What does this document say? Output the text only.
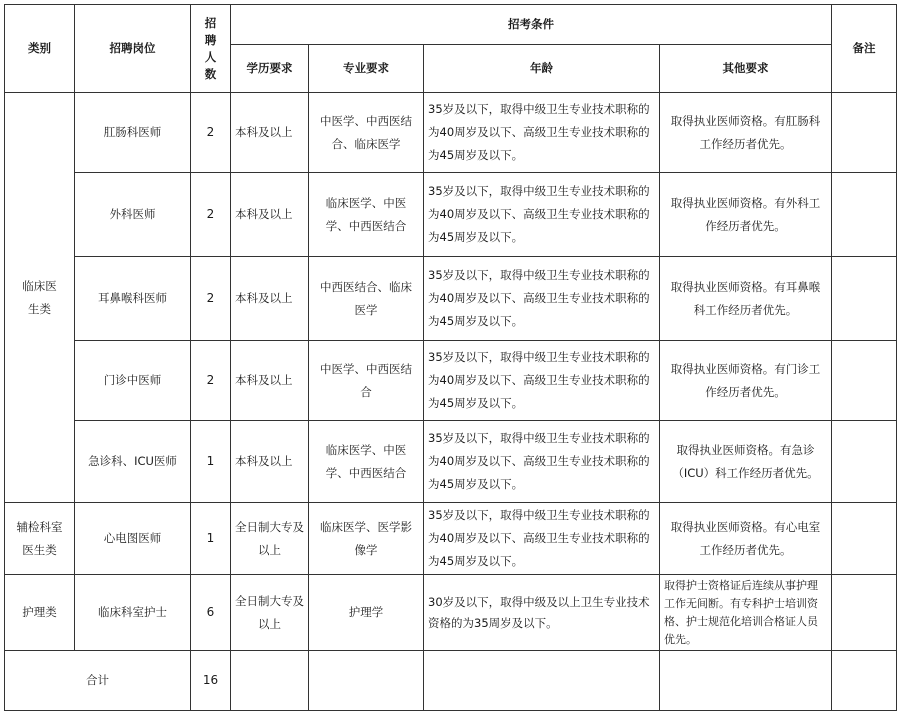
类别	招聘岗位	招聘人数	招考条件				备注
			学历要求	专业要求	年龄	其他要求	
临床医生类	肛肠科医师	2	本科及以上	中医学、中西医结合、临床医学	35岁及以下，取得中级卫生专业技术职称的为40周岁及以下、高级卫生专业技术职称的为45周岁及以下。	取得执业医师资格。有肛肠科工作经历者优先。	
	外科医师	2	本科及以上	临床医学、中医学、中西医结合	35岁及以下，取得中级卫生专业技术职称的为40周岁及以下、高级卫生专业技术职称的为45周岁及以下。	取得执业医师资格。有外科工作经历者优先。	
	耳鼻喉科医师	2	本科及以上	中西医结合、临床医学	35岁及以下，取得中级卫生专业技术职称的为40周岁及以下、高级卫生专业技术职称的为45周岁及以下。	取得执业医师资格。有耳鼻喉科工作经历者优先。	
	门诊中医师	2	本科及以上	中医学、中西医结合	35岁及以下，取得中级卫生专业技术职称的为40周岁及以下、高级卫生专业技术职称的为45周岁及以下。	取得执业医师资格。有门诊工作经历者优先。	
	急诊科、ICU医师	1	本科及以上	临床医学、中医学、中西医结合	35岁及以下，取得中级卫生专业技术职称的为40周岁及以下、高级卫生专业技术职称的为45周岁及以下。	取得执业医师资格。有急诊（ICU）科工作经历者优先。	
辅检科室医生类	心电图医师	1	全日制大专及以上	临床医学、医学影像学	35岁及以下，取得中级卫生专业技术职称的为40周岁及以下、高级卫生专业技术职称的为45周岁及以下。	取得执业医师资格。有心电室工作经历者优先。	
护理类	临床科室护士	6	全日制大专及以上	护理学	30岁及以下，取得中级及以上卫生专业技术资格的为35周岁及以下。	取得护士资格证后连续从事护理工作无间断。有专科护士培训资格、护士规范化培训合格证人员优先。	
合计		16					
